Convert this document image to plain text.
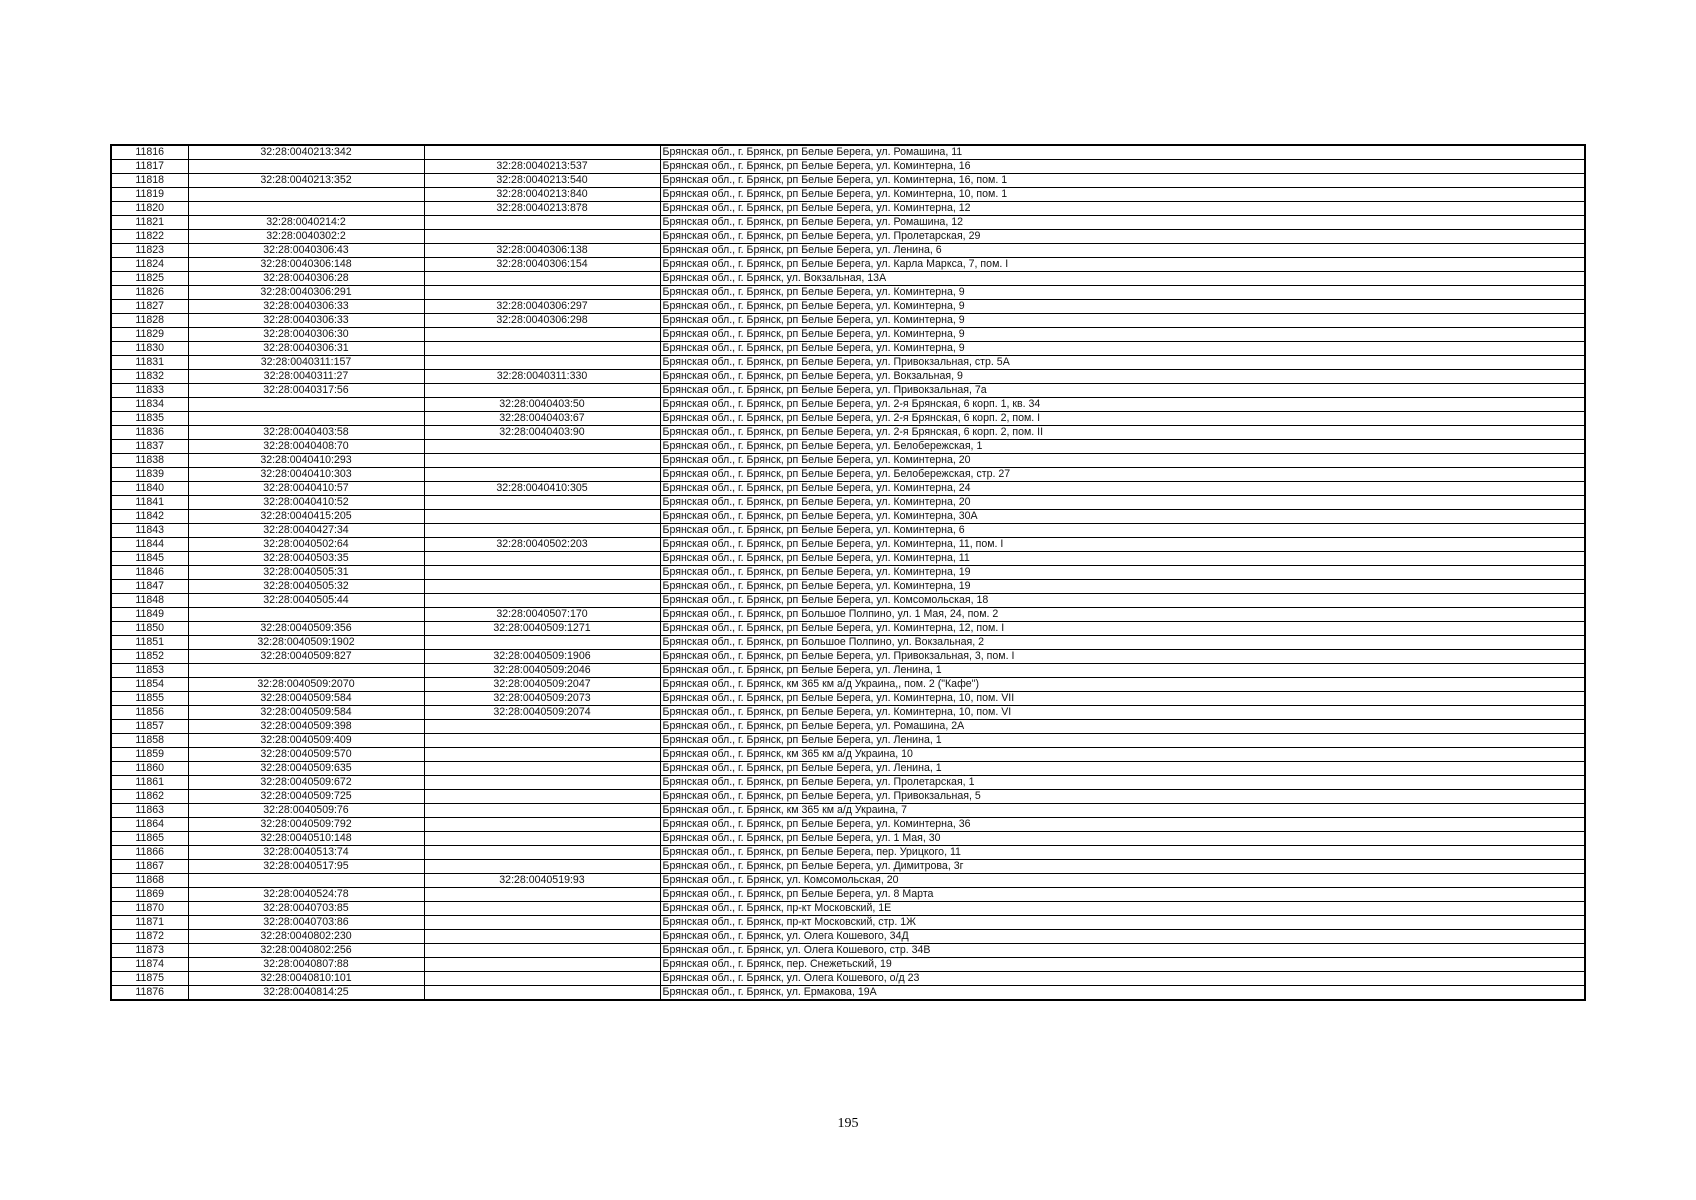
11816	32:28:0040213:342		Брянская обл., г. Брянск, рп Белые Берега, ул. Ромашина, 11
11817		32:28:0040213:537	Брянская обл., г. Брянск, рп Белые Берега, ул. Коминтерна, 16
11818	32:28:0040213:352	32:28:0040213:540	Брянская обл., г. Брянск, рп Белые Берега, ул. Коминтерна, 16, пом. 1
11819		32:28:0040213:840	Брянская обл., г. Брянск, рп Белые Берега, ул. Коминтерна, 10, пом. 1
11820		32:28:0040213:878	Брянская обл., г. Брянск, рп Белые Берега, ул. Коминтерна, 12
11821	32:28:0040214:2		Брянская обл., г. Брянск, рп Белые Берега, ул. Ромашина, 12
11822	32:28:0040302:2		Брянская обл., г. Брянск, рп Белые Берега, ул. Пролетарская, 29
11823	32:28:0040306:43	32:28:0040306:138	Брянская обл., г. Брянск, рп Белые Берега, ул. Ленина, 6
11824	32:28:0040306:148	32:28:0040306:154	Брянская обл., г. Брянск, рп Белые Берега, ул. Карла Маркса, 7, пом. I
11825	32:28:0040306:28		Брянская обл., г. Брянск, ул. Вокзальная, 13А
11826	32:28:0040306:291		Брянская обл., г. Брянск, рп Белые Берега, ул. Коминтерна, 9
11827	32:28:0040306:33	32:28:0040306:297	Брянская обл., г. Брянск, рп Белые Берега, ул. Коминтерна, 9
11828	32:28:0040306:33	32:28:0040306:298	Брянская обл., г. Брянск, рп Белые Берега, ул. Коминтерна, 9
11829	32:28:0040306:30		Брянская обл., г. Брянск, рп Белые Берега, ул. Коминтерна, 9
11830	32:28:0040306:31		Брянская обл., г. Брянск, рп Белые Берега, ул. Коминтерна, 9
11831	32:28:0040311:157		Брянская обл., г. Брянск, рп Белые Берега, ул. Привокзальная, стр. 5А
11832	32:28:0040311:27	32:28:0040311:330	Брянская обл., г. Брянск, рп Белые Берега, ул. Вокзальная, 9
11833	32:28:0040317:56		Брянская обл., г. Брянск, рп Белые Берега, ул. Привокзальная, 7а
11834		32:28:0040403:50	Брянская обл., г. Брянск, рп Белые Берега, ул. 2-я Брянская, 6 корп. 1, кв. 34
11835		32:28:0040403:67	Брянская обл., г. Брянск, рп Белые Берега, ул. 2-я Брянская, 6 корп. 2, пом. I
11836	32:28:0040403:58	32:28:0040403:90	Брянская обл., г. Брянск, рп Белые Берега, ул. 2-я Брянская, 6 корп. 2, пом. II
11837	32:28:0040408:70		Брянская обл., г. Брянск, рп Белые Берега, ул. Белобережская, 1
11838	32:28:0040410:293		Брянская обл., г. Брянск, рп Белые Берега, ул. Коминтерна, 20
11839	32:28:0040410:303		Брянская обл., г. Брянск, рп Белые Берега, ул. Белобережская, стр. 27
11840	32:28:0040410:57	32:28:0040410:305	Брянская обл., г. Брянск, рп Белые Берега, ул. Коминтерна, 24
11841	32:28:0040410:52		Брянская обл., г. Брянск, рп Белые Берега, ул. Коминтерна, 20
11842	32:28:0040415:205		Брянская обл., г. Брянск, рп Белые Берега, ул. Коминтерна, 30А
11843	32:28:0040427:34		Брянская обл., г. Брянск, рп Белые Берега, ул. Коминтерна, 6
11844	32:28:0040502:64	32:28:0040502:203	Брянская обл., г. Брянск, рп Белые Берега, ул. Коминтерна, 11, пом. I
11845	32:28:0040503:35		Брянская обл., г. Брянск, рп Белые Берега, ул. Коминтерна, 11
11846	32:28:0040505:31		Брянская обл., г. Брянск, рп Белые Берега, ул. Коминтерна, 19
11847	32:28:0040505:32		Брянская обл., г. Брянск, рп Белые Берега, ул. Коминтерна, 19
11848	32:28:0040505:44		Брянская обл., г. Брянск, рп Белые Берега, ул. Комсомольская, 18
11849		32:28:0040507:170	Брянская обл., г. Брянск, рп Большое Полпино, ул. 1 Мая, 24, пом. 2
11850	32:28:0040509:356	32:28:0040509:1271	Брянская обл., г. Брянск, рп Белые Берега, ул. Коминтерна, 12, пом. I
11851	32:28:0040509:1902		Брянская обл., г. Брянск, рп Большое Полпино, ул. Вокзальная, 2
11852	32:28:0040509:827	32:28:0040509:1906	Брянская обл., г. Брянск, рп Белые Берега, ул. Привокзальная, 3, пом. I
11853		32:28:0040509:2046	Брянская обл., г. Брянск, рп Белые Берега, ул. Ленина, 1
11854	32:28:0040509:2070	32:28:0040509:2047	Брянская обл., г. Брянск, км 365 км а/д Украина,, пом. 2 ("Кафе")
11855	32:28:0040509:584	32:28:0040509:2073	Брянская обл., г. Брянск, рп Белые Берега, ул. Коминтерна, 10, пом. VII
11856	32:28:0040509:584	32:28:0040509:2074	Брянская обл., г. Брянск, рп Белые Берега, ул. Коминтерна, 10, пом. VI
11857	32:28:0040509:398		Брянская обл., г. Брянск, рп Белые Берега, ул. Ромашина, 2А
11858	32:28:0040509:409		Брянская обл., г. Брянск, рп Белые Берега, ул. Ленина, 1
11859	32:28:0040509:570		Брянская обл., г. Брянск, км 365 км а/д Украина, 10
11860	32:28:0040509:635		Брянская обл., г. Брянск, рп Белые Берега, ул. Ленина, 1
11861	32:28:0040509:672		Брянская обл., г. Брянск, рп Белые Берега, ул. Пролетарская, 1
11862	32:28:0040509:725		Брянская обл., г. Брянск, рп Белые Берега, ул. Привокзальная, 5
11863	32:28:0040509:76		Брянская обл., г. Брянск, км 365 км а/д Украина, 7
11864	32:28:0040509:792		Брянская обл., г. Брянск, рп Белые Берега, ул. Коминтерна, 36
11865	32:28:0040510:148		Брянская обл., г. Брянск, рп Белые Берега, ул. 1 Мая, 30
11866	32:28:0040513:74		Брянская обл., г. Брянск, рп Белые Берега, пер. Урицкого, 11
11867	32:28:0040517:95		Брянская обл., г. Брянск, рп Белые Берега, ул. Димитрова, 3г
11868		32:28:0040519:93	Брянская обл., г. Брянск, ул. Комсомольская, 20
11869	32:28:0040524:78		Брянская обл., г. Брянск, рп Белые Берега, ул. 8 Марта
11870	32:28:0040703:85		Брянская обл., г. Брянск, пр-кт Московский, 1Е
11871	32:28:0040703:86		Брянская обл., г. Брянск, пр-кт Московский, стр. 1Ж
11872	32:28:0040802:230		Брянская обл., г. Брянск, ул. Олега Кошевого, 34Д
11873	32:28:0040802:256		Брянская обл., г. Брянск, ул. Олега Кошевого, стр. 34В
11874	32:28:0040807:88		Брянская обл., г. Брянск, пер. Снежетьский, 19
11875	32:28:0040810:101		Брянская обл., г. Брянск, ул. Олега Кошевого, о/д 23
11876	32:28:0040814:25		Брянская обл., г. Брянск, ул. Ермакова, 19А
195
